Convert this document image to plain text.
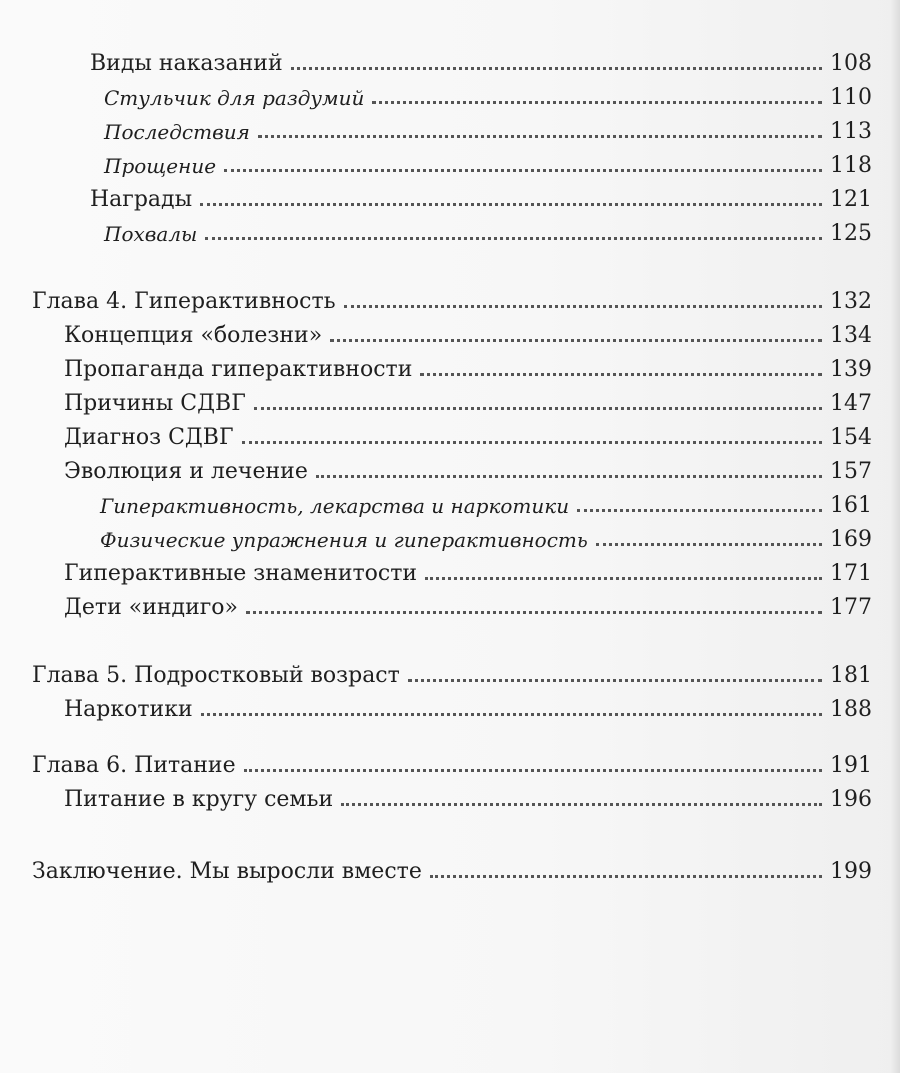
Виды наказаний	108
Стульчик для раздумий	110
Последствия	113
Прощение	118
Награды	121
Похвалы	125
Глава 4. Гиперактивность	132
Концепция «болезни»	134
Пропаганда гиперактивности	139
Причины СДВГ	147
Диагноз СДВГ	154
Эволюция и лечение	157
Гиперактивность, лекарства и наркотики	161
Физические упражнения и гиперактивность	169
Гиперактивные знаменитости	171
Дети «индиго»	177
Глава 5. Подростковый возраст	181
Наркотики	188
Глава 6. Питание	191
Питание в кругу семьи	196
Заключение. Мы выросли вместе	199
